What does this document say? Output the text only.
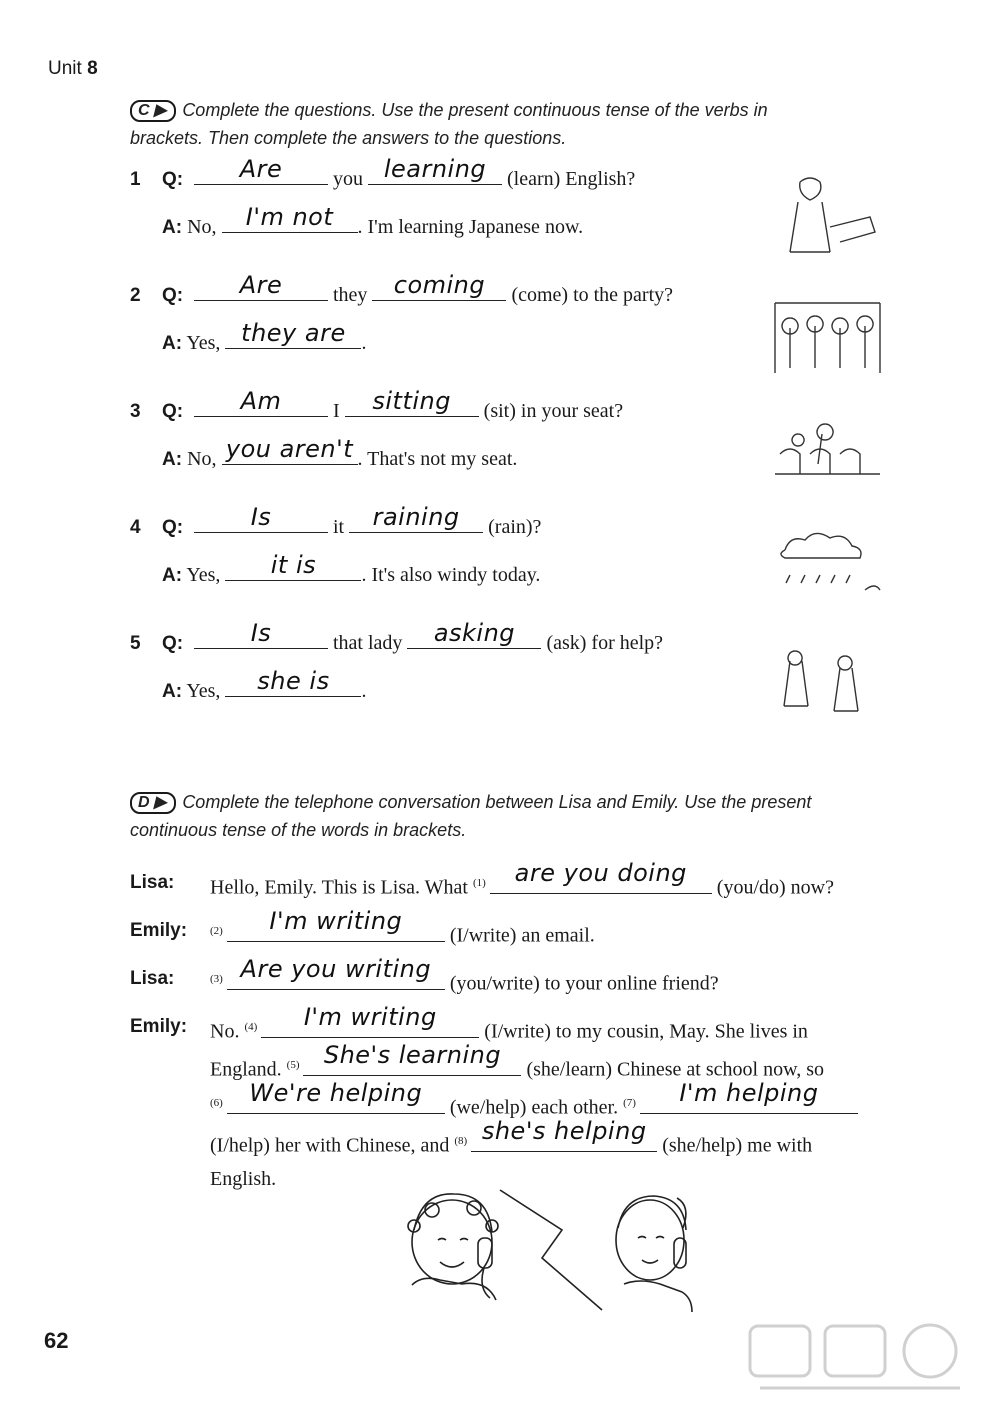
Unit 8
C ▶ Complete the questions. Use the present continuous tense of the verbs in
brackets. Then complete the answers to the questions.
1 Q:	Are	you learning	(learn) English?
A: No,	I'm not	. I'm learning Japanese now.
2 Q:	Are	they	coming	(come) to the party?
A: Yes, they are .
3 Q:	Am	I	sitting	(sit) in your seat?
A: No, you aren't . That's not my seat.
4 Q:	Is	it	raining	(rain)?
A: Yes,	it is	. It's also windy today.
5 Q:	Is	that lady	asking	(ask) for help?
A: Yes,	she is	.
D ▶ Complete the telephone conversation between Lisa and Emily. Use the present
continuous tense of the words in brackets.
Lisa: Hello, Emily. This is Lisa. What $^{(1)}$	are you doing
(you/do) now?
Emily: $^{(2)}$	I'm writing
(I/write) an email.
Lisa:	$^{(3)}$ Are you writing
(you/write) to your online friend?
Emily: No. $^{(4)}$	I'm writing
(I/write) to my cousin, May. She lives in
England. $^{(5)}$	She's learning
(she/learn) Chinese at school now, so
$^{(6)}$	We're helping
(we/help) each other. $^{(7)}$	I'm helping
(I/help) her with Chinese, and $^{(8)}$ she's helping
(she/help) me with
English.
62
